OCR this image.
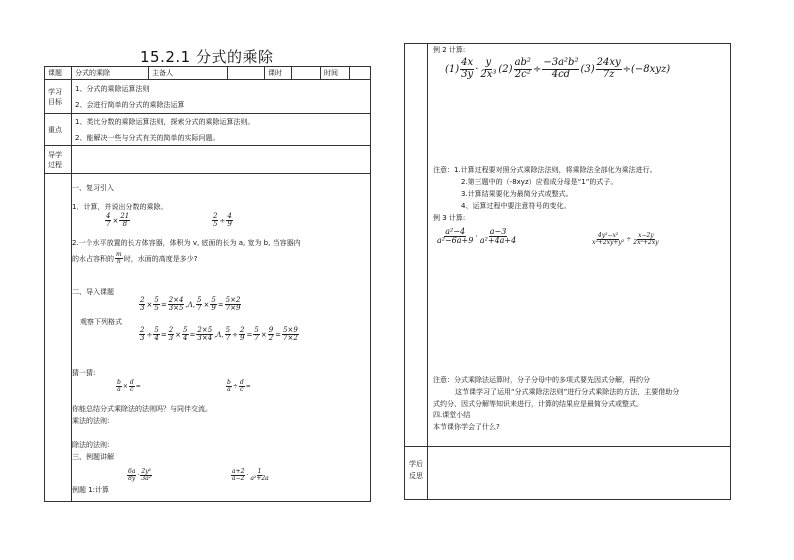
15.2.1 分式的乘除
课题	分式的乘除	主备人		课时		时间	
学习目标	1、分式的乘除运算法则
2、会进行简单的分式的乘除法运算						

重点	1、类比分数的乘除运算法则，探索分式的乘除运算法则。
2、能解决一些与分式有关的简单的实际问题。						

导学过程							

一、复习引入
1．计算，并说出分数的乘除。
$\frac{4}{7} \times \frac{21}{8}$	$\frac{2}{5} \div \frac{4}{9}$
2.一个水平放置的长方体容器，体积为 v, 底面的长为 a, 宽为 b, 当容器内
的水占容积的 $\frac{m}{n}$ 时，水面的高度是多少?
二、导入课题
$\frac{2}{3} \times \frac{5}{5} = \frac{2\times 4}{3\times 5} ,\Lambda$, $\frac{5}{7} \times \frac{5}{9} = \frac{5\times 2}{7\times 9}$
观察下列格式
$\frac{2}{3} \div \frac{5}{4} = \frac{2}{3} \times \frac{5}{4} = \frac{2\times 5}{3\times 4} ,\Lambda$, $\frac{5}{7} \div \frac{2}{9} = \frac{5}{7} \times \frac{9}{2} = \frac{5\times 9}{7\times 2}$
猜一猜:
$\frac{b}{a} \times \frac{d}{c}$ =	$\frac{b}{a} \div \frac{d}{c}$ =
你能总结分式乘除法的法则吗？与同伴交流。
乘法的法则:
除法的法则:
三、例题讲解
例题 1:计算
$\frac{6a}{8y} \cdot \frac{\text{2y²}}{\text{3a²}}$	$\frac{a+2}{a-2} \cdot \frac{1}{\text{a²+2a}}$
例 2 计算:
$(1) \frac{4x}{3y} \cdot \frac{y}{\text{2x³}} (2) \frac{\text{ab²}}{\text{2c²}} \div \frac{\text{−3a²b²}}{4cd} (3) \frac{24xy}{7z} \div(-8xyz)$
注意：1.计算过程要对照分式乘除法法则，将乘除法全部化为乘法进行。
2.第三题中的（-8xyz）应看成分母是“1”的式子。
3.计算结果要化为最简分式或整式。
4、运算过程中要注意符号的变化。
例 3 计算:
$\frac{\text{a²−4}}{\text{a²−6a+9}} \cdot \frac{a-3}{\text{a²+4a+4}}$	$\frac{\text{4y²−x²}}{\text{x²+2xy+y²}} \div \frac{x-2y}{\text{2x²+2xy}}$
注意：分式乘除法运算时，分子分母中的多项式要先因式分解，再约分
这节课学习了运用“分式乘除法法则”进行分式乘除法的方法，主要借助分
式约分、因式分解等知识来进行，计算的结果应是最简分式或整式。
四.课堂小结
本节课你学会了什么?
学后反思
